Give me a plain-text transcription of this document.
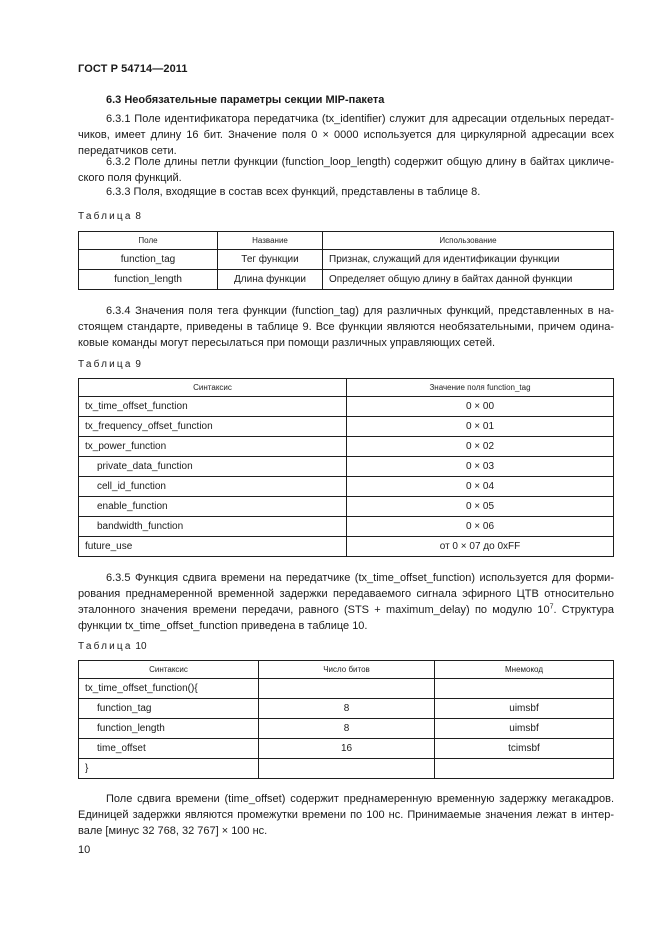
ГОСТ Р 54714—2011
6.3 Необязательные параметры секции MIP-пакета
6.3.1 Поле идентификатора передатчика (tx_identifier) служит для адресации отдельных передат-
чиков, имеет длину 16 бит. Значение поля 0 × 0000 используется для циркулярной адресации всех
передатчиков сети.
6.3.2 Поле длины петли функции (function_loop_length) содержит общую длину в байтах цикличе-
ского поля функций.
6.3.3 Поля, входящие в состав всех функций, представлены в таблице 8.
Таблица 8
Поле	Название	Использование
function_tag	Тег функции	Признак, служащий для идентификации функции
function_length	Длина функции	Определяет общую длину в байтах данной функции
6.3.4 Значения поля тега функции (function_tag) для различных функций, представленных в на-
стоящем стандарте, приведены в таблице 9. Все функции являются необязательными, причем одина-
ковые команды могут пересылаться при помощи различных управляющих сетей.
Таблица 9
Синтаксис	Значение поля function_tag
tx_time_offset_function	0 × 00
tx_frequency_offset_function	0 × 01
tx_power_function	0 × 02
private_data_function	0 × 03
cell_id_function	0 × 04
enable_function	0 × 05
bandwidth_function	0 × 06
future_use	от 0 × 07 до 0xFF
6.3.5 Функция сдвига времени на передатчике (tx_time_offset_function) используется для форми-
рования преднамеренной временной задержки передаваемого сигнала эфирного ЦТВ относительно
эталонного значения времени передачи, равного (STS + maximum_delay) по модулю $10^7$. Структура
функции tx_time_offset_function приведена в таблице 10.
Таблица 10
Синтаксис	Число битов	Мнемокод
tx_time_offset_function(){		
function_tag	8	uimsbf
function_length	8	uimsbf
time_offset	16	tcimsbf
}		
Поле сдвига времени (time_offset) содержит преднамеренную временную задержку мегакадров.
Единицей задержки являются промежутки времени по 100 нс. Принимаемые значения лежат в интер-
вале [минус 32 768, 32 767] × 100 нс.
10
